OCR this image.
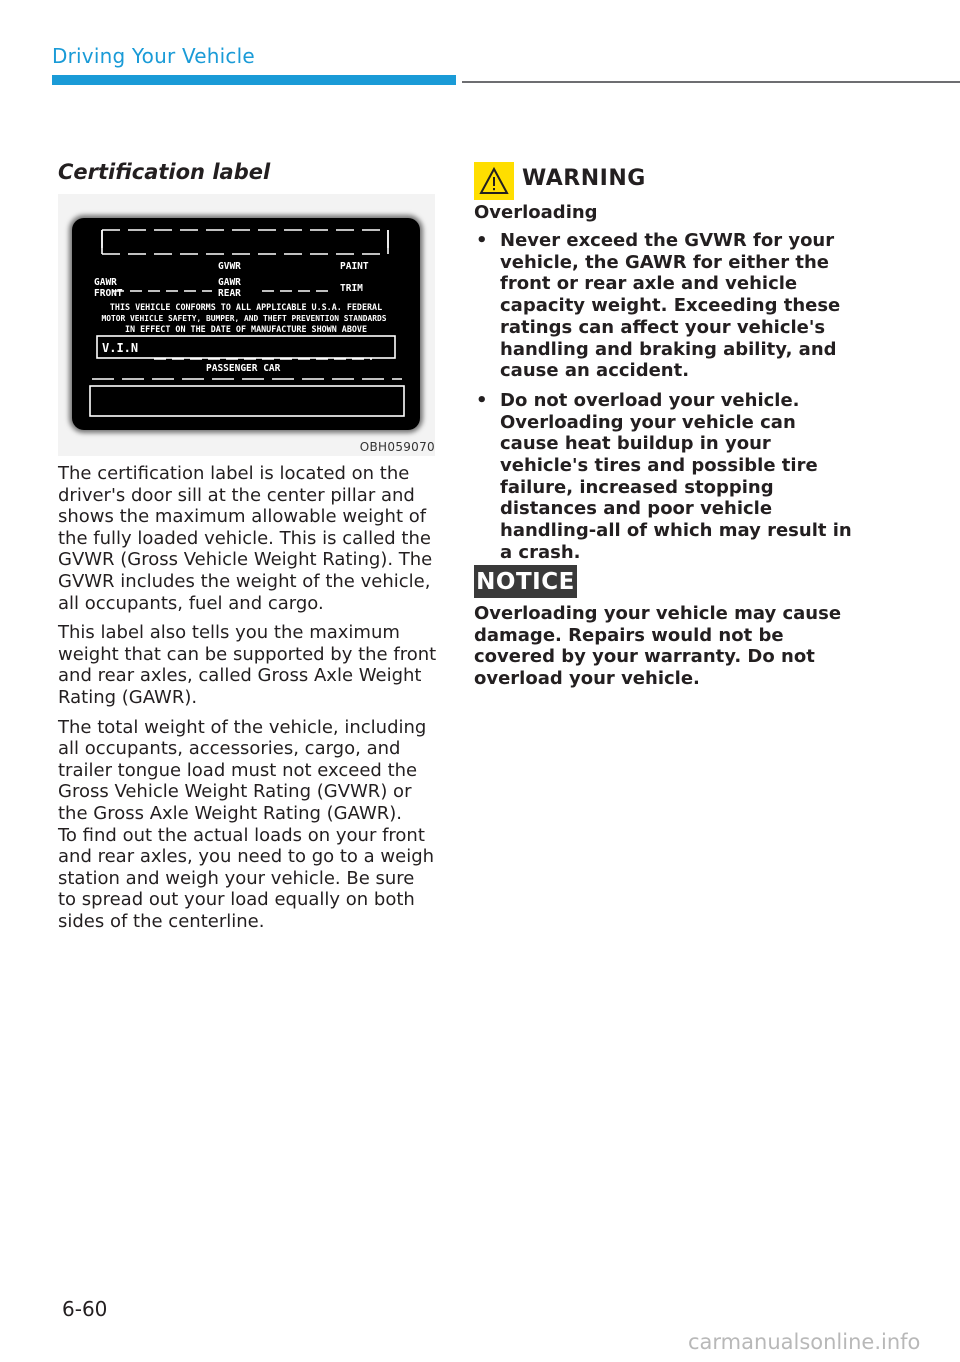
Driving Your Vehicle
Certification label
GVWR	PAINT
GAWR
FRONT
GAWR
REAR	TRIM
THIS VEHICLE CONFORMS TO ALL APPLICABLE U.S.A. FEDERAL
MOTOR VEHICLE SAFETY, BUMPER, AND THEFT PREVENTION STANDARDS
IN EFFECT ON THE DATE OF MANUFACTURE SHOWN ABOVE
V.I.N
PASSENGER CAR
OBH059070

The certification label is located on the driver's door sill at the center pillar and shows the maximum allowable weight of the fully loaded vehicle. This is called the GVWR (Gross Vehicle Weight Rating). The GVWR includes the weight of the vehicle, all occupants, fuel and cargo.

This label also tells you the maximum weight that can be supported by the front and rear axles, called Gross Axle Weight Rating (GAWR).

The total weight of the vehicle, including all occupants, accessories, cargo, and trailer tongue load must not exceed the Gross Vehicle Weight Rating (GVWR) or the Gross Axle Weight Rating (GAWR).

To find out the actual loads on your front and rear axles, you need to go to a weigh station and weigh your vehicle. Be sure to spread out your load equally on both sides of the centerline.

WARNING
Overloading
• Never exceed the GVWR for your vehicle, the GAWR for either the front or rear axle and vehicle capacity weight. Exceeding these ratings can affect your vehicle's handling and braking ability, and cause an accident.
• Do not overload your vehicle. Overloading your vehicle can cause heat buildup in your vehicle's tires and possible tire failure, increased stopping distances and poor vehicle handling-all of which may result in a crash.
NOTICE
Overloading your vehicle may cause damage. Repairs would not be covered by your warranty. Do not overload your vehicle.
6-60
carmanualsonline.info
